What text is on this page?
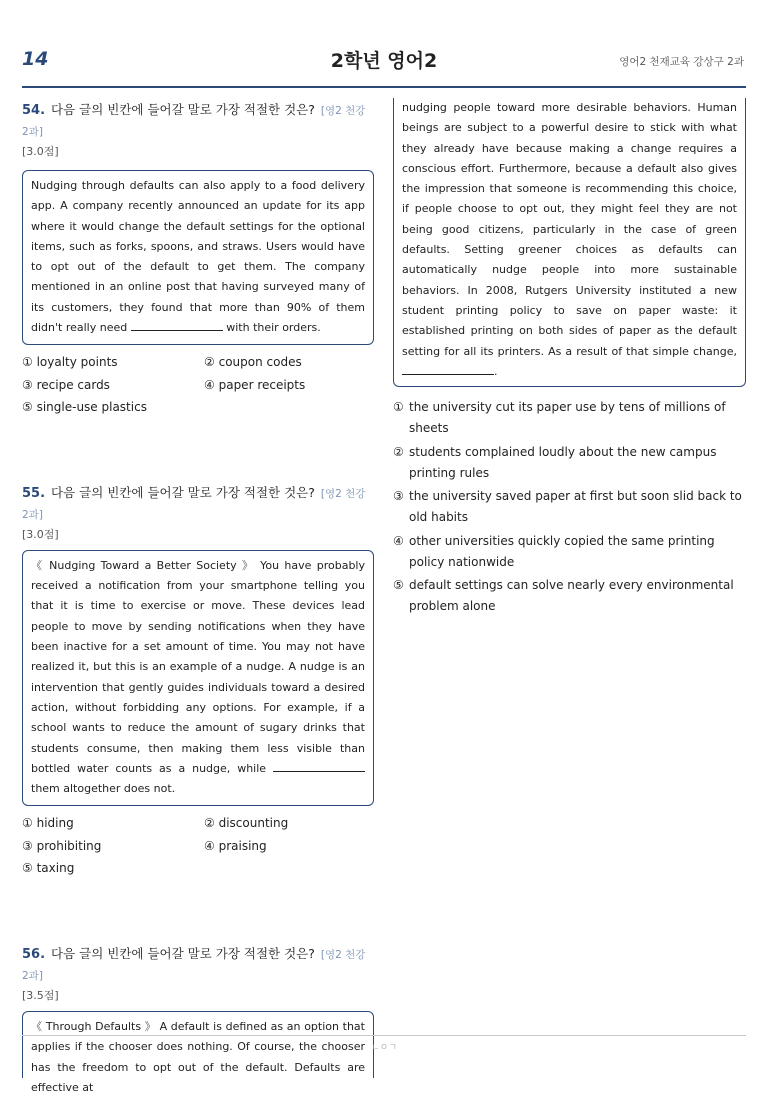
14	2학년 영어2	영어2 천재교육 강상구 2과
54. 다음 글의 빈칸에 들어갈 말로 가장 적절한 것은? [영2 천강 2과]
[3.0점]
Nudging through defaults can also apply to a food delivery app. A company recently announced an update for its app where it would change the default settings for the optional items, such as forks, spoons, and straws. Users would have to opt out of the default to get them. The company mentioned in an online post that having surveyed many of its customers, they found that more than 90% of them didn't really need	with their orders.
① loyalty points	② coupon codes
③ recipe cards	④ paper receipts
⑤ single-use plastics
55. 다음 글의 빈칸에 들어갈 말로 가장 적절한 것은? [영2 천강 2과]
[3.0점]
《 Nudging Toward a Better Society 》 You have probably received a notification from your smartphone telling you that it is time to exercise or move. These devices lead people to move by sending notifications when they have been inactive for a set amount of time. You may not have realized it, but this is an example of a nudge. A nudge is an intervention that gently guides individuals toward a desired action, without forbidding any options. For example, if a school wants to reduce the amount of sugary drinks that students consume, then making them less visible than bottled water counts as a nudge, while  them altogether does not.
① hiding	② discounting
③ prohibiting	④ praising
⑤ taxing
56. 다음 글의 빈칸에 들어갈 말로 가장 적절한 것은? [영2 천강 2과]
[3.5점]
《 Through Defaults 》 A default is defined as an option that applies if the chooser does nothing. Of course, the chooser has the freedom to opt out of the default. Defaults are effective at
nudging people toward more desirable behaviors. Human beings are subject to a powerful desire to stick with what they already have because making a change requires a conscious effort. Furthermore, because a default also gives the impression that someone is recommending this choice, if people choose to opt out, they might feel they are not being good citizens, particularly in the case of green defaults. Setting greener choices as defaults can automatically nudge people into more sustainable behaviors. In 2008, Rutgers University instituted a new student printing policy to save on paper waste: it established printing on both sides of paper as the default setting for all its printers. As a result of that simple change, .
① the university cut its paper use by tens of millions of sheets
② students complained loudly about the new campus printing rules
③ the university saved paper at first but soon slid back to old habits
④ other universities quickly copied the same printing policy nationwide
⑤ default settings can solve nearly every environmental problem alone
ㄴㅇㄱ
